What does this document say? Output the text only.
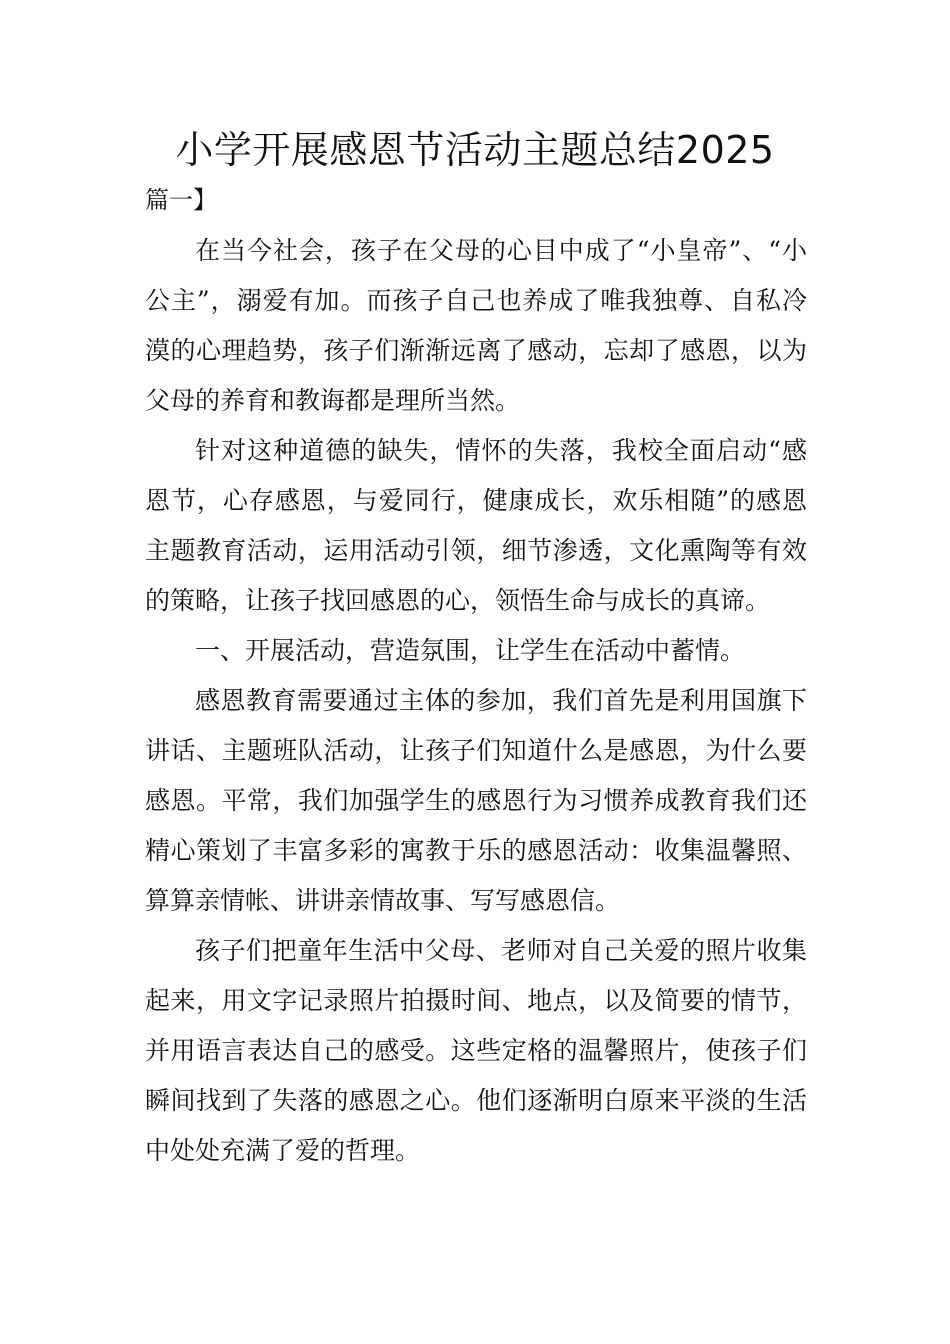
小学开展感恩节活动主题总结2025

篇一】

在当今社会，孩子在父母的心目中成了“小皇帝”、“小公主”，溺爱有加。而孩子自己也养成了唯我独尊、自私冷漠的心理趋势，孩子们渐渐远离了感动，忘却了感恩，以为父母的养育和教诲都是理所当然。

针对这种道德的缺失，情怀的失落，我校全面启动“感恩节，心存感恩，与爱同行，健康成长，欢乐相随”的感恩主题教育活动，运用活动引领，细节渗透，文化熏陶等有效的策略，让孩子找回感恩的心，领悟生命与成长的真谛。

一、开展活动，营造氛围，让学生在活动中蓄情。

感恩教育需要通过主体的参加，我们首先是利用国旗下讲话、主题班队活动，让孩子们知道什么是感恩，为什么要感恩。平常，我们加强学生的感恩行为习惯养成教育我们还精心策划了丰富多彩的寓教于乐的感恩活动：收集温馨照、算算亲情帐、讲讲亲情故事、写写感恩信。

孩子们把童年生活中父母、老师对自己关爱的照片收集起来，用文字记录照片拍摄时间、地点，以及简要的情节，并用语言表达自己的感受。这些定格的温馨照片，使孩子们瞬间找到了失落的感恩之心。他们逐渐明白原来平淡的生活中处处充满了爱的哲理。
